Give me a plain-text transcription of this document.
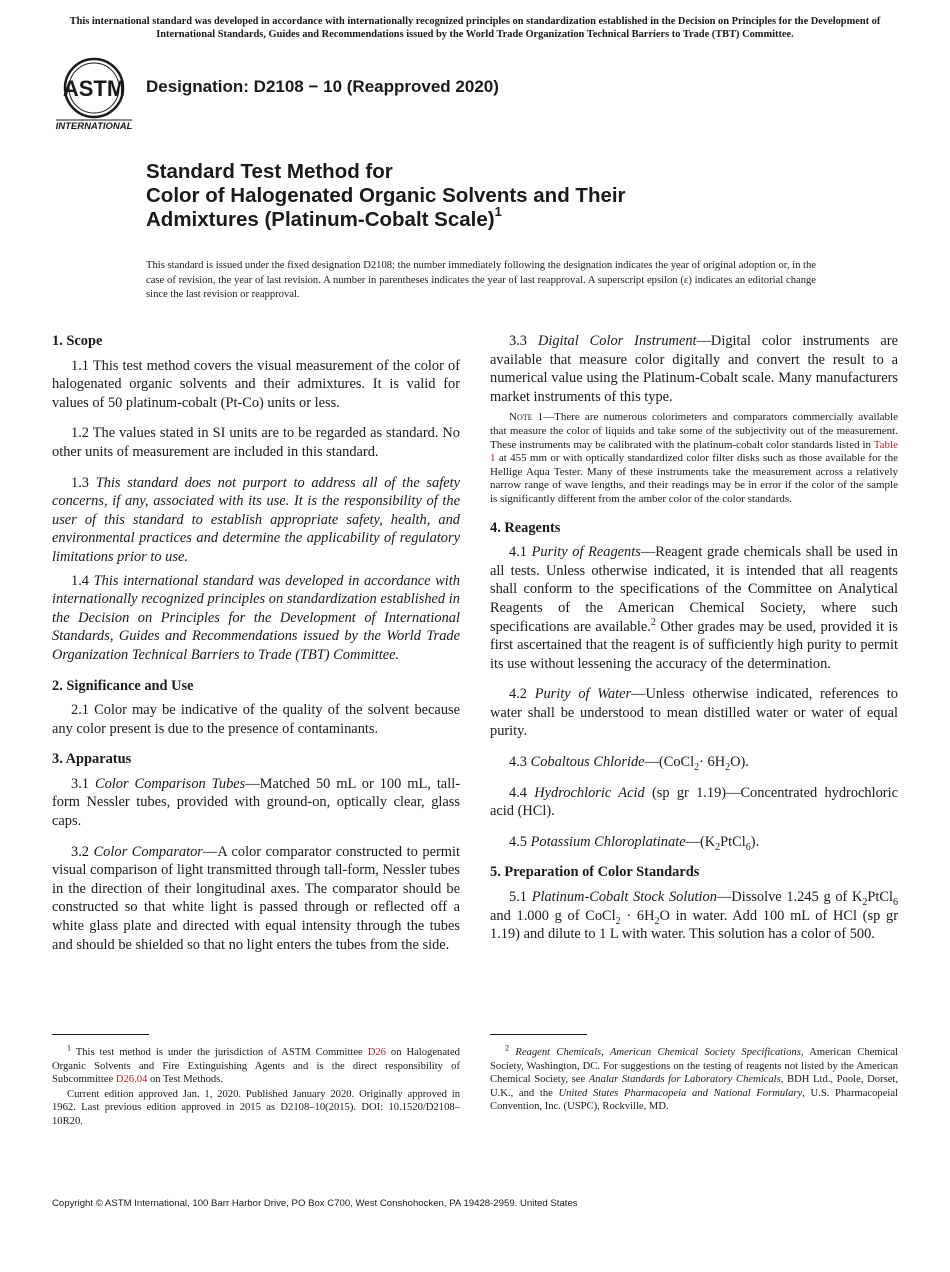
This international standard was developed in accordance with internationally recognized principles on standardization established in the Decision on Principles for the Development of International Standards, Guides and Recommendations issued by the World Trade Organization Technical Barriers to Trade (TBT) Committee.
ASTM
INTERNATIONAL
Designation: D2108 − 10 (Reapproved 2020)
Standard Test Method for
Color of Halogenated Organic Solvents and Their
Admixtures (Platinum-Cobalt Scale)$^1$
This standard is issued under the fixed designation D2108; the number immediately following the designation indicates the year of original adoption or, in the case of revision, the year of last revision. A number in parentheses indicates the year of last reapproval. A superscript epsilon (ε) indicates an editorial change since the last revision or reapproval.
1. Scope

1.1 This test method covers the visual measurement of the color of halogenated organic solvents and their admixtures. It is valid for values of 50 platinum-cobalt (Pt-Co) units or less.

1.2 The values stated in SI units are to be regarded as standard. No other units of measurement are included in this standard.

1.3 This standard does not purport to address all of the safety concerns, if any, associated with its use. It is the responsibility of the user of this standard to establish appropriate safety, health, and environmental practices and determine the applicability of regulatory limitations prior to use.

1.4 This international standard was developed in accordance with internationally recognized principles on standardization established in the Decision on Principles for the Development of International Standards, Guides and Recommendations issued by the World Trade Organization Technical Barriers to Trade (TBT) Committee.

2. Significance and Use

2.1 Color may be indicative of the quality of the solvent because any color present is due to the presence of contaminants.

3. Apparatus

3.1 Color Comparison Tubes—Matched 50 mL or 100 mL, tall-form Nessler tubes, provided with ground-on, optically clear, glass caps.

3.2 Color Comparator—A color comparator constructed to permit visual comparison of light transmitted through tall-form, Nessler tubes in the direction of their longitudinal axes. The comparator should be constructed so that white light is passed through or reflected off a white glass plate and directed with equal intensity through the tubes and should be shielded so that no light enters the tubes from the side.

3.3 Digital Color Instrument—Digital color instruments are available that measure color digitally and convert the result to a numerical value using the Platinum-Cobalt scale. Many manufacturers market instruments of this type.

Note 1—There are numerous colorimeters and comparators commercially available that measure the color of liquids and take some of the subjectivity out of the measurement. These instruments may be calibrated with the platinum-cobalt color standards listed in Table 1 at 455 mm or with optically standardized color filter disks such as those available for the Hellige Aqua Tester. Many of these instruments take the measurement across a relatively narrow range of wave lengths, and their readings may be in error if the color of the sample is significantly different from the amber color of the color standards.

4. Reagents

4.1 Purity of Reagents—Reagent grade chemicals shall be used in all tests. Unless otherwise indicated, it is intended that all reagents shall conform to the specifications of the Committee on Analytical Reagents of the American Chemical Society, where such specifications are available.$^2$ Other grades may be used, provided it is first ascertained that the reagent is of sufficiently high purity to permit its use without lessening the accuracy of the determination.

4.2 Purity of Water—Unless otherwise indicated, references to water shall be understood to mean distilled water or water of equal purity.

4.3 Cobaltous Chloride—(CoCl$_2$· $6H_2O$).

4.4 Hydrochloric Acid (sp gr 1.19)—Concentrated hydrochloric acid (HCl).

4.5 Potassium $Chloroplatinate—(K_2PtCl_6)$.

5. Preparation of Color Standards

5.1 Platinum-Cobalt Stock Solution—Dissolve 1.245 g of $K_2PtCl_6$ and 1.000 g of CoCl$_2$ · $6H_2O$ in water. Add 100 mL of HCl (sp gr 1.19) and dilute to 1 L with water. This solution has a color of 500.

$^1$ This test method is under the jurisdiction of ASTM Committee D26 on Halogenated Organic Solvents and Fire Extinguishing Agents and is the direct responsibility of Subcommittee D26.04 on Test Methods.

Current edition approved Jan. 1, 2020. Published January 2020. Originally approved in 1962. Last previous edition approved in 2015 as D2108–10(2015). DOI: 10.1520/D2108–10R20.

$^2$ Reagent Chemicals, American Chemical Society Specifications, American Chemical Society, Washington, DC. For suggestions on the testing of reagents not listed by the American Chemical Society, see Analar Standards for Laboratory Chemicals, BDH Ltd., Poole, Dorset, U.K., and the United States Pharmacopeia and National Formulary, U.S. Pharmacopeial Convention, Inc. (USPC), Rockville, MD.

Copyright © ASTM International, 100 Barr Harbor Drive, PO Box C700, West Conshohocken, PA 19428-2959. United States
